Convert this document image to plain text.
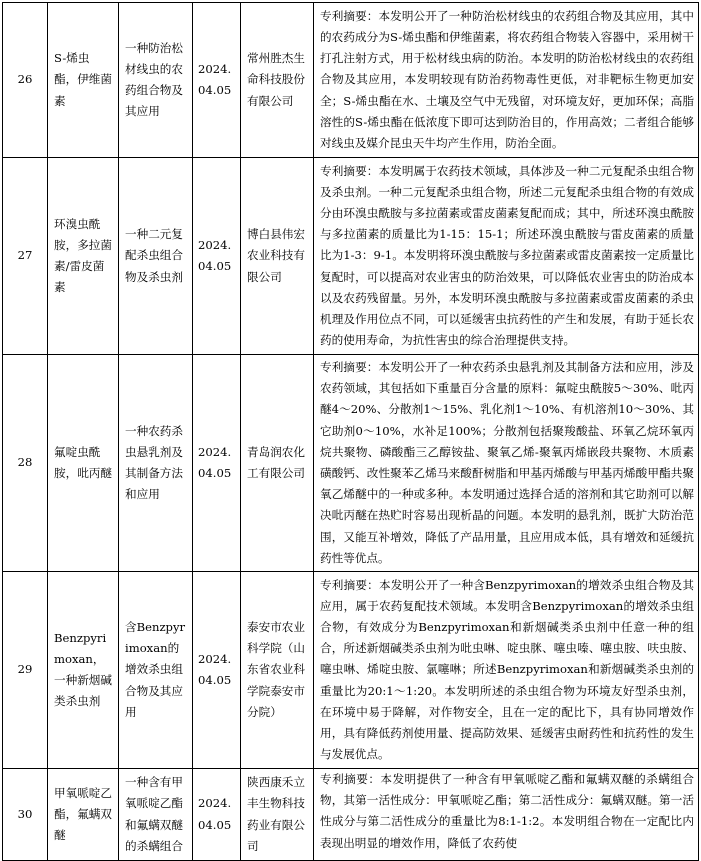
26	S-烯虫酯，伊维菌素	一种防治松材线虫的农药组合物及其应用	2024.04.05	常州胜杰生命科技股份有限公司	专利摘要：本发明公开了一种防治松材线虫的农药组合物及其应用，其中的农药成分为S-烯虫酯和伊维菌素，将农药组合物装入容器中，采用树干打孔注射方式，用于松材线虫病的防治。本发明的防治松材线虫的农药组合物及其应用，本发明较现有防治药物毒性更低，对非靶标生物更加安全；S-烯虫酯在水、土壤及空气中无残留，对环境友好，更加环保；高脂溶性的S-烯虫酯在低浓度下即可达到防治目的，作用高效；二者组合能够对线虫及媒介昆虫天牛均产生作用，防治全面。

27	环溴虫酰胺，多拉菌素/雷皮菌素	一种二元复配杀虫组合物及杀虫剂	2024.04.05	博白县伟宏农业科技有限公司	专利摘要：本发明属于农药技术领域，具体涉及一种二元复配杀虫组合物及杀虫剂。一种二元复配杀虫组合物，所述二元复配杀虫组合物的有效成分由环溴虫酰胺与多拉菌素或雷皮菌素复配而成；其中，所述环溴虫酰胺与多拉菌素的质量比为1-15：15-1；所述环溴虫酰胺与雷皮菌素的质量比为1-3：9-1。本发明将环溴虫酰胺与多拉菌素或雷皮菌素按一定质量比复配时，可以提高对农业害虫的防治效果，可以降低农业害虫的防治成本以及农药残留量。另外，本发明环溴虫酰胺与多拉菌素或雷皮菌素的杀虫机理及作用位点不同，可以延缓害虫抗药性的产生和发展，有助于延长农药的使用寿命，为抗性害虫的综合治理提供支持。

28	氟啶虫酰胺，吡丙醚	一种农药杀虫悬乳剂及其制备方法和应用	2024.04.05	青岛润农化工有限公司	专利摘要：本发明公开了一种农药杀虫悬乳剂及其制备方法和应用，涉及农药领域，其包括如下重量百分含量的原料：氟啶虫酰胺5～30%、吡丙醚4～20%、分散剂1～15%、乳化剂1～10%、有机溶剂10～30%、其它助剂0～10%，水补足100%；分散剂包括聚羧酸盐、环氧乙烷环氧丙烷共聚物、磷酸酯三乙醇铵盐、聚氧乙烯-聚氧丙烯嵌段共聚物、木质素磺酸钙、改性聚苯乙烯马来酸酐树脂和甲基丙烯酸与甲基丙烯酸甲酯共聚氧乙烯醚中的一种或多种。本发明通过选择合适的溶剂和其它助剂可以解决吡丙醚在热贮时容易出现析晶的问题。本发明的悬乳剂，既扩大防治范围，又能互补增效，降低了产品用量，且应用成本低，具有增效和延缓抗药性等优点。

29	Benzpyrimoxan，一种新烟碱类杀虫剂	含Benzpyrimoxan的增效杀虫组合物及其应用	2024.04.05	泰安市农业科学院（山东省农业科学院泰安市分院）	专利摘要：本发明公开了一种含Benzpyrimoxan的增效杀虫组合物及其应用，属于农药复配技术领域。本发明含Benzpyrimoxan的增效杀虫组合物，有效成分为Benzpyrimoxan和新烟碱类杀虫剂中任意一种的组合，所述新烟碱类杀虫剂为吡虫啉、啶虫脒、噻虫嗪、噻虫胺、呋虫胺、噻虫啉、烯啶虫胺、氯噻啉；所述Benzpyrimoxan和新烟碱类杀虫剂的重量比为20:1～1:20。本发明所述的杀虫组合物为环境友好型杀虫剂，在环境中易于降解，对作物安全，且在一定的配比下，具有协同增效作用，具有降低药剂使用量、提高防效果、延缓害虫耐药性和抗药性的发生与发展优点。

30	甲氧哌啶乙酯，氟螨双醚	一种含有甲氧哌啶乙酯和氟螨双醚的杀螨组合	2024.04.05	陕西康禾立丰生物科技药业有限公司	专利摘要：本发明提供了一种含有甲氧哌啶乙酯和氟螨双醚的杀螨组合物，其第一活性成分：甲氧哌啶乙酯；第二活性成分：氟螨双醚。第一活性成分与第二活性成分的重量比为8:1-1:2。本发明组合物在一定配比内表现出明显的增效作用，降低了农药使
